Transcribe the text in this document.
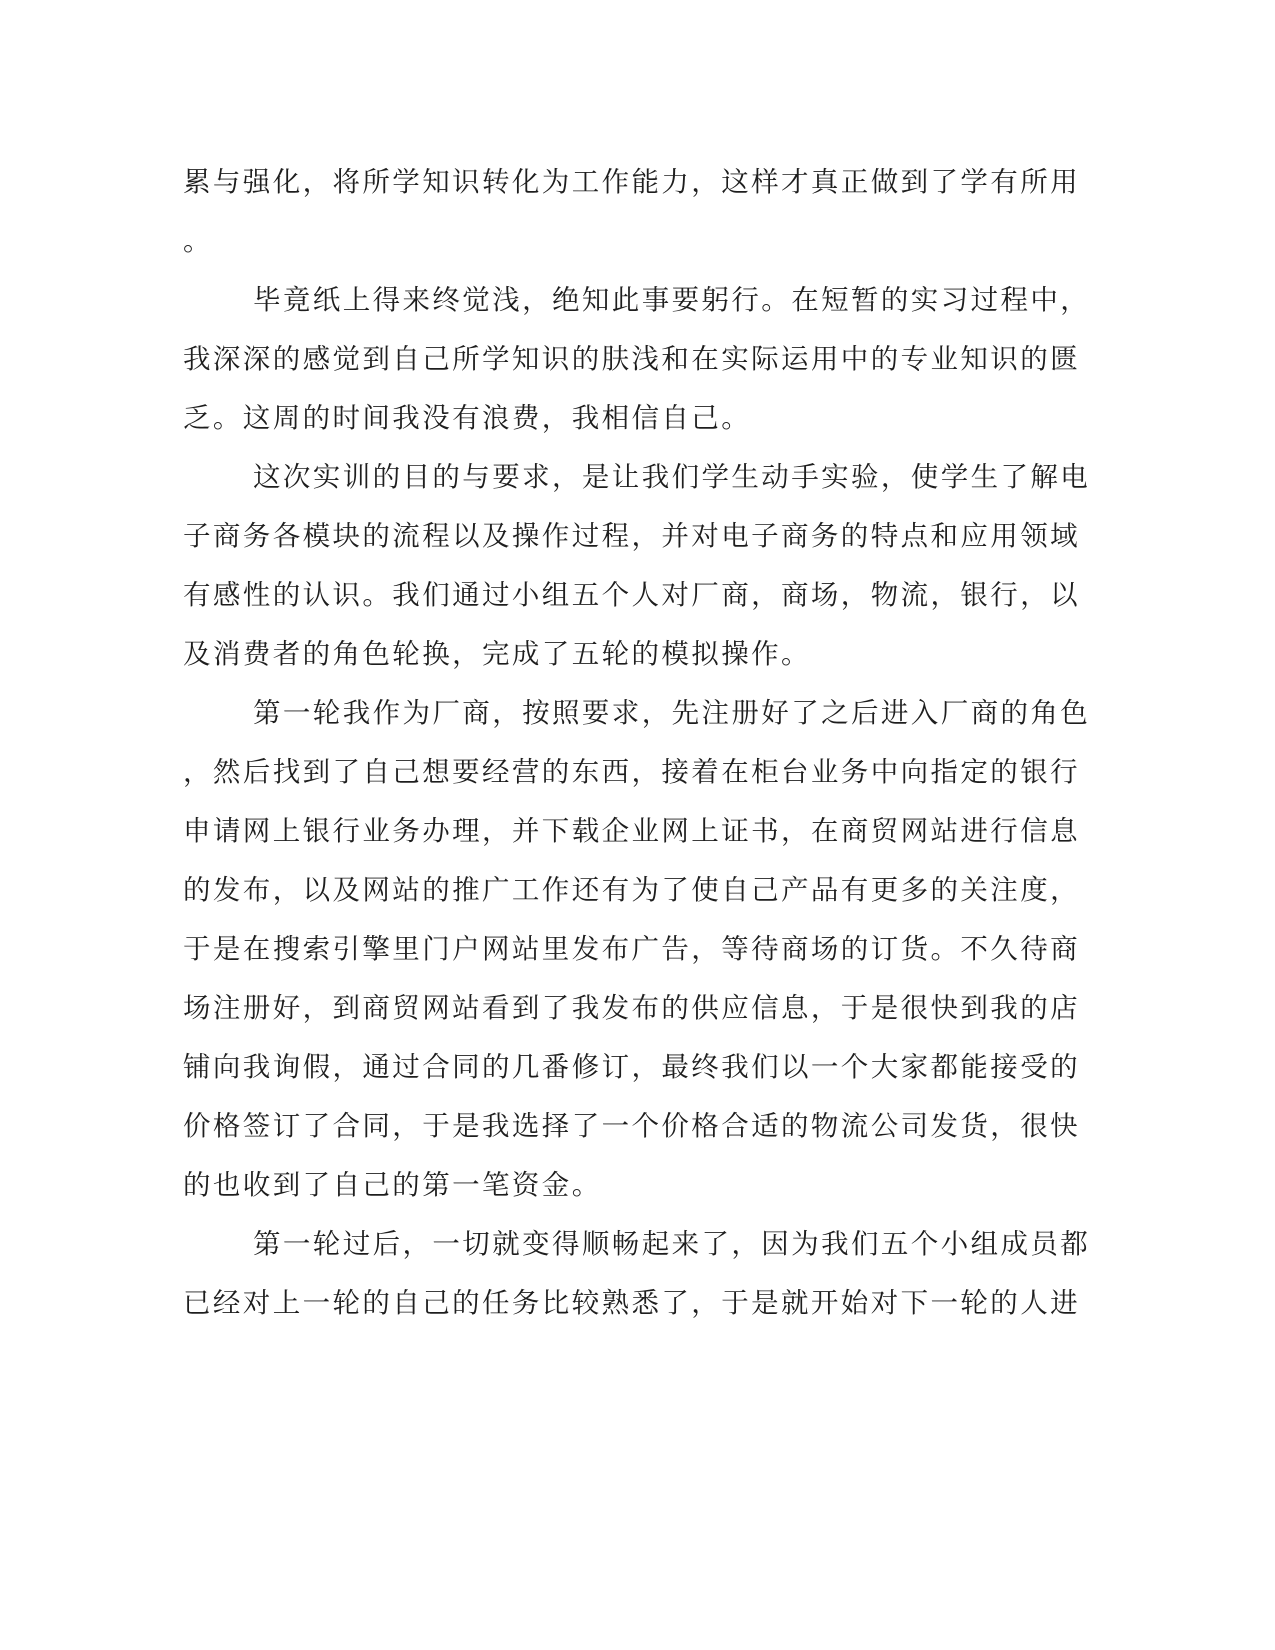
累与强化，将所学知识转化为工作能力，这样才真正做到了学有所用
。
毕竟纸上得来终觉浅，绝知此事要躬行。在短暂的实习过程中，
我深深的感觉到自己所学知识的肤浅和在实际运用中的专业知识的匮
乏。这周的时间我没有浪费，我相信自己。
这次实训的目的与要求，是让我们学生动手实验，使学生了解电
子商务各模块的流程以及操作过程，并对电子商务的特点和应用领域
有感性的认识。我们通过小组五个人对厂商，商场，物流，银行，以
及消费者的角色轮换，完成了五轮的模拟操作。
第一轮我作为厂商，按照要求，先注册好了之后进入厂商的角色
，然后找到了自己想要经营的东西，接着在柜台业务中向指定的银行
申请网上银行业务办理，并下载企业网上证书，在商贸网站进行信息
的发布，以及网站的推广工作还有为了使自己产品有更多的关注度，
于是在搜索引擎里门户网站里发布广告，等待商场的订货。不久待商
场注册好，到商贸网站看到了我发布的供应信息，于是很快到我的店
铺向我询假，通过合同的几番修订，最终我们以一个大家都能接受的
价格签订了合同，于是我选择了一个价格合适的物流公司发货，很快
的也收到了自己的第一笔资金。
第一轮过后，一切就变得顺畅起来了，因为我们五个小组成员都
已经对上一轮的自己的任务比较熟悉了，于是就开始对下一轮的人进
